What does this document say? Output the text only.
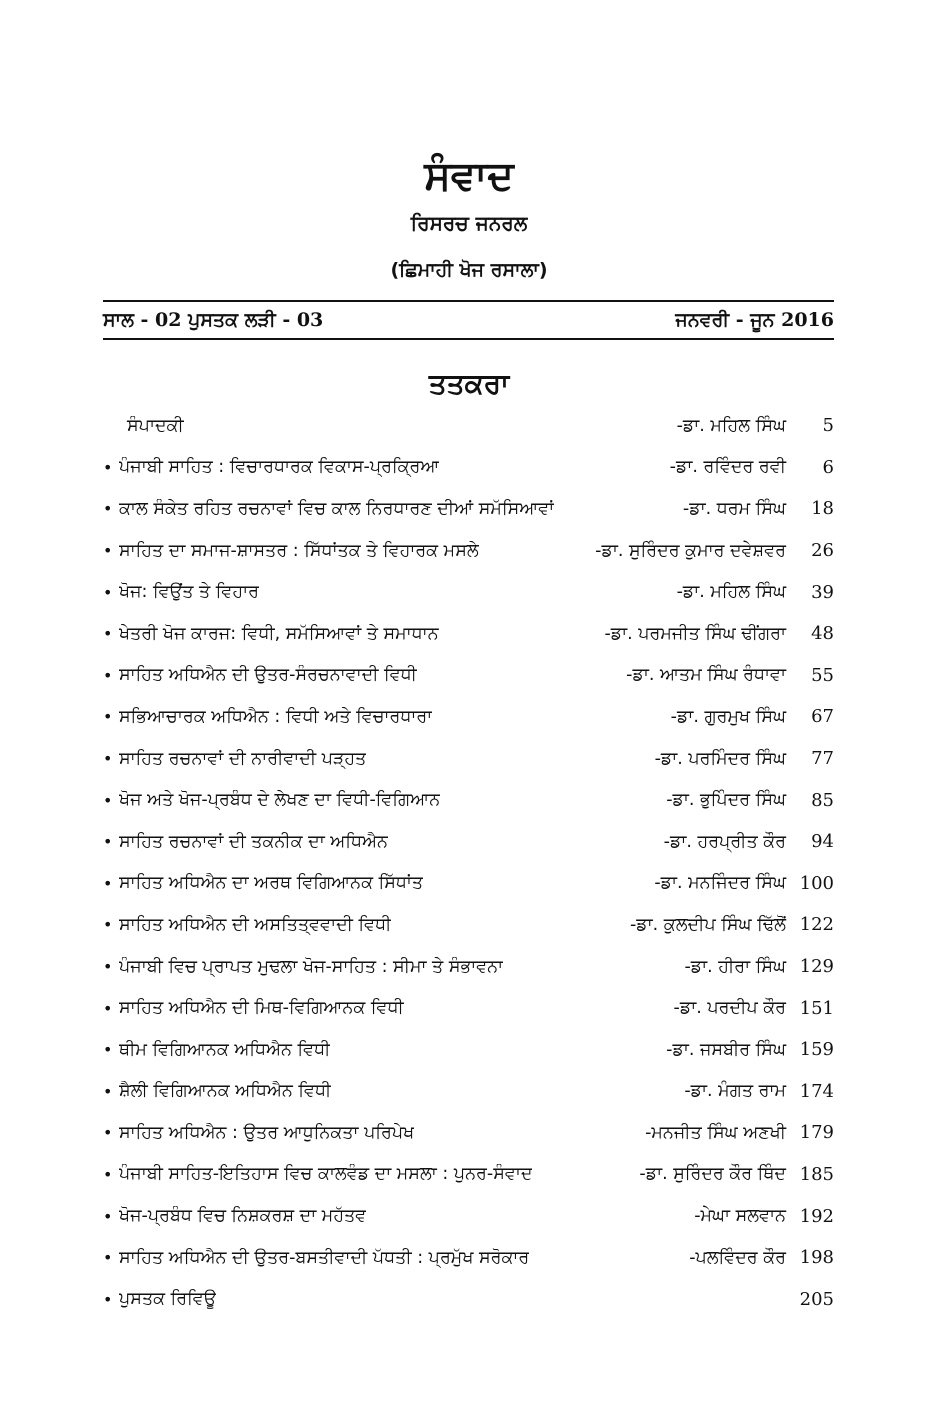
ਸੰਵਾਦ
ਰਿਸਰਚ ਜਨਰਲ
(ਛਿਮਾਹੀ ਖੋਜ ਰਸਾਲਾ)
ਸਾਲ - 02 ਪੁਸਤਕ ਲੜੀ - 03	ਜਨਵਰੀ - ਜੂਨ 2016
ਤਤਕਰਾ
ਸੰਪਾਦਕੀ	-ਡਾ. ਮਹਿਲ ਸਿੰਘ	5
• ਪੰਜਾਬੀ ਸਾਹਿਤ : ਵਿਚਾਰਧਾਰਕ ਵਿਕਾਸ-ਪ੍ਰਕ੍ਰਿਆ	-ਡਾ. ਰਵਿੰਦਰ ਰਵੀ	6
• ਕਾਲ ਸੰਕੇਤ ਰਹਿਤ ਰਚਨਾਵਾਂ ਵਿਚ ਕਾਲ ਨਿਰਧਾਰਣ ਦੀਆਂ ਸਮੱਸਿਆਵਾਂ	-ਡਾ. ਧਰਮ ਸਿੰਘ	18
• ਸਾਹਿਤ ਦਾ ਸਮਾਜ-ਸ਼ਾਸਤਰ : ਸਿੱਧਾਂਤਕ ਤੇ ਵਿਹਾਰਕ ਮਸਲੇ	-ਡਾ. ਸੁਰਿੰਦਰ ਕੁਮਾਰ ਦਵੇਸ਼ਵਰ	26
• ਖੋਜ: ਵਿਉਂਤ ਤੇ ਵਿਹਾਰ	-ਡਾ. ਮਹਿਲ ਸਿੰਘ	39
• ਖੇਤਰੀ ਖੋਜ ਕਾਰਜ: ਵਿਧੀ, ਸਮੱਸਿਆਵਾਂ ਤੇ ਸਮਾਧਾਨ	-ਡਾ. ਪਰਮਜੀਤ ਸਿੰਘ ਢੀਂਗਰਾ	48
• ਸਾਹਿਤ ਅਧਿਐਨ ਦੀ ਉਤਰ-ਸੰਰਚਨਾਵਾਦੀ ਵਿਧੀ	-ਡਾ. ਆਤਮ ਸਿੰਘ ਰੰਧਾਵਾ	55
• ਸਭਿਆਚਾਰਕ ਅਧਿਐਨ : ਵਿਧੀ ਅਤੇ ਵਿਚਾਰਧਾਰਾ	-ਡਾ. ਗੁਰਮੁਖ ਸਿੰਘ	67
• ਸਾਹਿਤ ਰਚਨਾਵਾਂ ਦੀ ਨਾਰੀਵਾਦੀ ਪੜ੍ਹਤ	-ਡਾ. ਪਰਮਿੰਦਰ ਸਿੰਘ	77
• ਖੋਜ ਅਤੇ ਖੋਜ-ਪ੍ਰਬੰਧ ਦੇ ਲੇਖਣ ਦਾ ਵਿਧੀ-ਵਿਗਿਆਨ	-ਡਾ. ਭੁਪਿੰਦਰ ਸਿੰਘ	85
• ਸਾਹਿਤ ਰਚਨਾਵਾਂ ਦੀ ਤਕਨੀਕ ਦਾ ਅਧਿਐਨ	-ਡਾ. ਹਰਪ੍ਰੀਤ ਕੌਰ	94
• ਸਾਹਿਤ ਅਧਿਐਨ ਦਾ ਅਰਥ ਵਿਗਿਆਨਕ ਸਿੱਧਾਂਤ	-ਡਾ. ਮਨਜਿੰਦਰ ਸਿੰਘ 100
• ਸਾਹਿਤ ਅਧਿਐਨ ਦੀ ਅਸਤਿਤ੍ਵਵਾਦੀ ਵਿਧੀ	-ਡਾ. ਕੁਲਦੀਪ ਸਿੰਘ ਢਿੱਲੋਂ 122
• ਪੰਜਾਬੀ ਵਿਚ ਪ੍ਰਾਪਤ ਮੁਢਲਾ ਖੋਜ-ਸਾਹਿਤ : ਸੀਮਾ ਤੇ ਸੰਭਾਵਨਾ	-ਡਾ. ਹੀਰਾ ਸਿੰਘ 129
• ਸਾਹਿਤ ਅਧਿਐਨ ਦੀ ਮਿਥ-ਵਿਗਿਆਨਕ ਵਿਧੀ	-ਡਾ. ਪਰਦੀਪ ਕੌਰ 151
• ਥੀਮ ਵਿਗਿਆਨਕ ਅਧਿਐਨ ਵਿਧੀ	-ਡਾ. ਜਸਬੀਰ ਸਿੰਘ 159
• ਸ਼ੈਲੀ ਵਿਗਿਆਨਕ ਅਧਿਐਨ ਵਿਧੀ	-ਡਾ. ਮੰਗਤ ਰਾਮ 174
• ਸਾਹਿਤ ਅਧਿਐਨ : ਉਤਰ ਆਧੁਨਿਕਤਾ ਪਰਿਪੇਖ	-ਮਨਜੀਤ ਸਿੰਘ ਅਣਖੀ 179
• ਪੰਜਾਬੀ ਸਾਹਿਤ-ਇਤਿਹਾਸ ਵਿਚ ਕਾਲਵੰਡ ਦਾ ਮਸਲਾ : ਪੁਨਰ-ਸੰਵਾਦ	-ਡਾ. ਸੁਰਿੰਦਰ ਕੌਰ ਥਿੰਦ 185
• ਖੋਜ-ਪ੍ਰਬੰਧ ਵਿਚ ਨਿਸ਼ਕਰਸ਼ ਦਾ ਮਹੱਤਵ	-ਮੇਘਾ ਸਲਵਾਨ 192
• ਸਾਹਿਤ ਅਧਿਐਨ ਦੀ ਉਤਰ-ਬਸਤੀਵਾਦੀ ਪੱਧਤੀ : ਪ੍ਰਮੁੱਖ ਸਰੋਕਾਰ	-ਪਲਵਿੰਦਰ ਕੌਰ 198
• ਪੁਸਤਕ ਰਿਵਿਊ	205
